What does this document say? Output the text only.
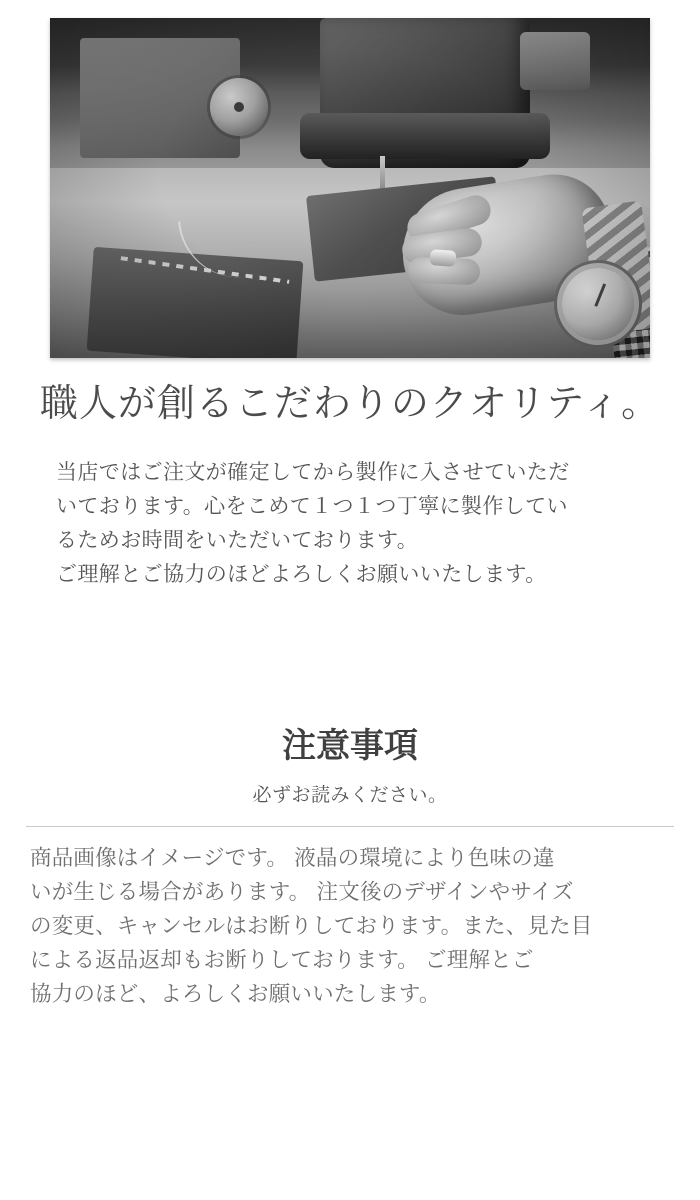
職人が創るこだわりのクオリティ。

当店ではご注文が確定してから製作に入させていただ

いております。心をこめて１つ１つ丁寧に製作してい

るためお時間をいただいております。

ご理解とご協力のほどよろしくお願いいたします。

注意事項
必ずお読みください。

商品画像はイメージです。 液晶の環境により色味の違

いが生じる場合があります。 注文後のデザインやサイズ

の変更、キャンセルはお断りしております。また、見た目

による返品返却もお断りしております。 ご理解とご

協力のほど、よろしくお願いいたします。
